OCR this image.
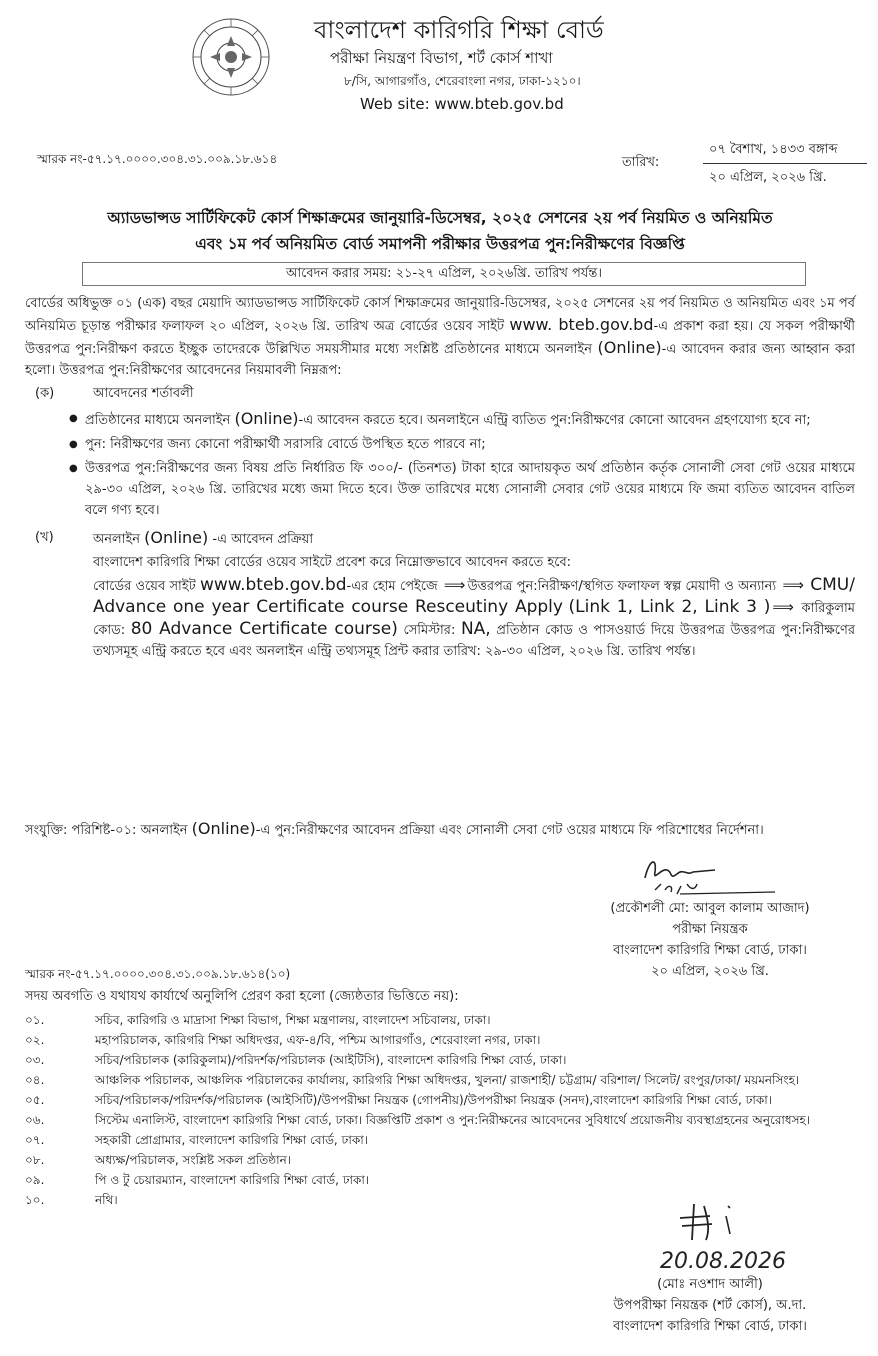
বাংলাদেশ কারিগরি শিক্ষা বোর্ড
পরীক্ষা নিয়ন্ত্রণ বিভাগ, শর্ট কোর্স শাখা
৮/সি, আগারগাঁও, শেরেবাংলা নগর, ঢাকা-১২১০।
Web site: www.bteb.gov.bd
স্মারক নং-৫৭.১৭.০০০০.৩০৪.৩১.০০৯.১৮.৬১৪	তারিখ:
০৭ বৈশাখ, ১৪৩৩ বঙ্গাব্দ
২০ এপ্রিল, ২০২৬ খ্রি.
অ্যাডভান্সড সার্টিফিকেট কোর্স শিক্ষাক্রমের জানুয়ারি-ডিসেম্বর, ২০২৫ সেশনের ২য় পর্ব নিয়মিত ও অনিয়মিত
এবং ১ম পর্ব অনিয়মিত বোর্ড সমাপনী পরীক্ষার উত্তরপত্র পুন:নিরীক্ষণের বিজ্ঞপ্তি
আবেদন করার সময়: ২১-২৭ এপ্রিল, ২০২৬খ্রি. তারিখ পর্যন্ত।

বোর্ডের অধিভুক্ত ০১ (এক) বছর মেয়াদি অ্যাডভান্সড সার্টিফিকেট কোর্স শিক্ষাক্রমের জানুয়ারি-ডিসেম্বর, ২০২৫ সেশনের ২য় পর্ব নিয়মিত ও অনিয়মিত এবং ১ম পর্ব অনিয়মিত চূড়ান্ত পরীক্ষার ফলাফল ২০ এপ্রিল, ২০২৬ খ্রি. তারিখ অত্র বোর্ডের ওয়েব সাইট www. bteb.gov.bd-এ প্রকাশ করা হয়। যে সকল পরীক্ষার্থী উত্তরপত্র পুন:নিরীক্ষণ করতে ইচ্ছুক তাদেরকে উল্লিখিত সময়সীমার মধ্যে সংশ্লিষ্ট প্রতিষ্ঠানের মাধ্যমে অনলাইন (Online)-এ আবেদন করার জন্য আহ্বান করা হলো। উত্তরপত্র পুন:নিরীক্ষণের আবেদনের নিয়মাবলী নিম্নরূপ:

(ক)	আবেদনের শর্তাবলী
● প্রতিষ্ঠানের মাধ্যমে অনলাইন (Online)-এ আবেদন করতে হবে। অনলাইনে এন্ট্রি ব্যতিত পুন:নিরীক্ষণের কোনো আবেদন গ্রহণযোগ্য হবে না;
● পুন: নিরীক্ষণের জন্য কোনো পরীক্ষার্থী সরাসরি বোর্ডে উপস্থিত হতে পারবে না;
● উত্তরপত্র পুন:নিরীক্ষণের জন্য বিষয় প্রতি নির্ধারিত ফি ৩০০/- (তিনশত) টাকা হারে আদায়কৃত অর্থ প্রতিষ্ঠান কর্তৃক সোনালী সেবা গেট ওয়ের মাধ্যমে ২৯-৩০ এপ্রিল, ২০২৬ খ্রি. তারিখের মধ্যে জমা দিতে হবে। উক্ত তারিখের মধ্যে সোনালী সেবার গেট ওয়ের মাধ্যমে ফি জমা ব্যতিত আবেদন বাতিল বলে গণ্য হবে।
(খ)	অনলাইন (Online) -এ আবেদন প্রক্রিয়া
বাংলাদেশ কারিগরি শিক্ষা বোর্ডের ওয়েব সাইটে প্রবেশ করে নিম্নোক্তভাবে আবেদন করতে হবে:
বোর্ডের ওয়েব সাইট www.bteb.gov.bd-এর হোম পেইজে ⟹ উত্তরপত্র পুন:নিরীক্ষণ/স্থগিত ফলাফল স্বল্প মেয়াদী ও অন্যান্য ⟹ CMU/ Advance one year Certificate course Resceutiny Apply (Link 1, Link 2, Link 3 ) ⟹ কারিকুলাম কোড: 80 Advance Certificate course) সেমিস্টার: NA, প্রতিষ্ঠান কোড ও পাসওয়ার্ড দিয়ে উত্তরপত্র উত্তরপত্র পুন:নিরীক্ষণের তথ্যসমূহ এন্ট্রি করতে হবে এবং অনলাইন এন্ট্রি তথ্যসমূহ প্রিন্ট করার তারিখ: ২৯-৩০ এপ্রিল, ২০২৬ খ্রি. তারিখ পর্যন্ত।
সংযুক্তি: পরিশিষ্ট-০১: অনলাইন (Online)-এ পুন:নিরীক্ষণের আবেদন প্রক্রিয়া এবং সোনালী সেবা গেট ওয়ের মাধ্যমে ফি পরিশোধের নির্দেশনা।
(প্রকৌশলী মো: আবুল কালাম আজাদ)
পরীক্ষা নিয়ন্ত্রক
বাংলাদেশ কারিগরি শিক্ষা বোর্ড, ঢাকা।
২০ এপ্রিল, ২০২৬ খ্রি.
স্মারক নং-৫৭.১৭.০০০০.৩০৪.৩১.০০৯.১৮.৬১৪(১০)
সদয় অবগতি ও যথাযথ কার্যার্থে অনুলিপি প্রেরণ করা হলো (জ্যেষ্ঠতার ভিত্তিতে নয়):
০১.	সচিব, কারিগরি ও মাদ্রাসা শিক্ষা বিভাগ, শিক্ষা মন্ত্রণালয়, বাংলাদেশ সচিবালয়, ঢাকা।
০২.	মহাপরিচালক, কারিগরি শিক্ষা অধিদপ্তর, এফ-৪/বি, পশ্চিম আগারগাঁও, শেরেবাংলা নগর, ঢাকা।
০৩.	সচিব/পরিচালক (কারিকুলাম)/পরিদর্শক/পরিচালক (আইটিসি), বাংলাদেশ কারিগরি শিক্ষা বোর্ড, ঢাকা।
০৪.	আঞ্চলিক পরিচালক, আঞ্চলিক পরিচালকের কার্যালয়, কারিগরি শিক্ষা অধিদপ্তর, খুলনা/ রাজশাহী/ চট্টগ্রাম/ বরিশাল/ সিলেট/ রংপুর/ঢাকা/ ময়মনসিংহ।
০৫.	সচিব/পরিচালক/পরিদর্শক/পরিচালক (আইসিটি)/উপপরীক্ষা নিয়ন্ত্রক (গোপনীয়)/উপপরীক্ষা নিয়ন্ত্রক (সনদ),বাংলাদেশ কারিগরি শিক্ষা বোর্ড, ঢাকা।
০৬.	সিস্টেম এনালিস্ট, বাংলাদেশ কারিগরি শিক্ষা বোর্ড, ঢাকা। বিজ্ঞপ্তিটি প্রকাশ ও পুন:নিরীক্ষনের আবেদনের সুবিধার্থে প্রয়োজনীয় ব্যবস্থাগ্রহনের অনুরোধসহ।
০৭.	সহকারী প্রোগ্রামার, বাংলাদেশ কারিগরি শিক্ষা বোর্ড, ঢাকা।
০৮.	অধ্যক্ষ/পরিচালক, সংশ্লিষ্ট সকল প্রতিষ্ঠান।
০৯.	পি ও টু চেয়ারম্যান, বাংলাদেশ কারিগরি শিক্ষা বোর্ড, ঢাকা।
১০.	নথি।
20.08.2026
(মোঃ নওশাদ আলী)
উপপরীক্ষা নিয়ন্ত্রক (শর্ট কোর্স), অ.দা.
বাংলাদেশ কারিগরি শিক্ষা বোর্ড, ঢাকা।
